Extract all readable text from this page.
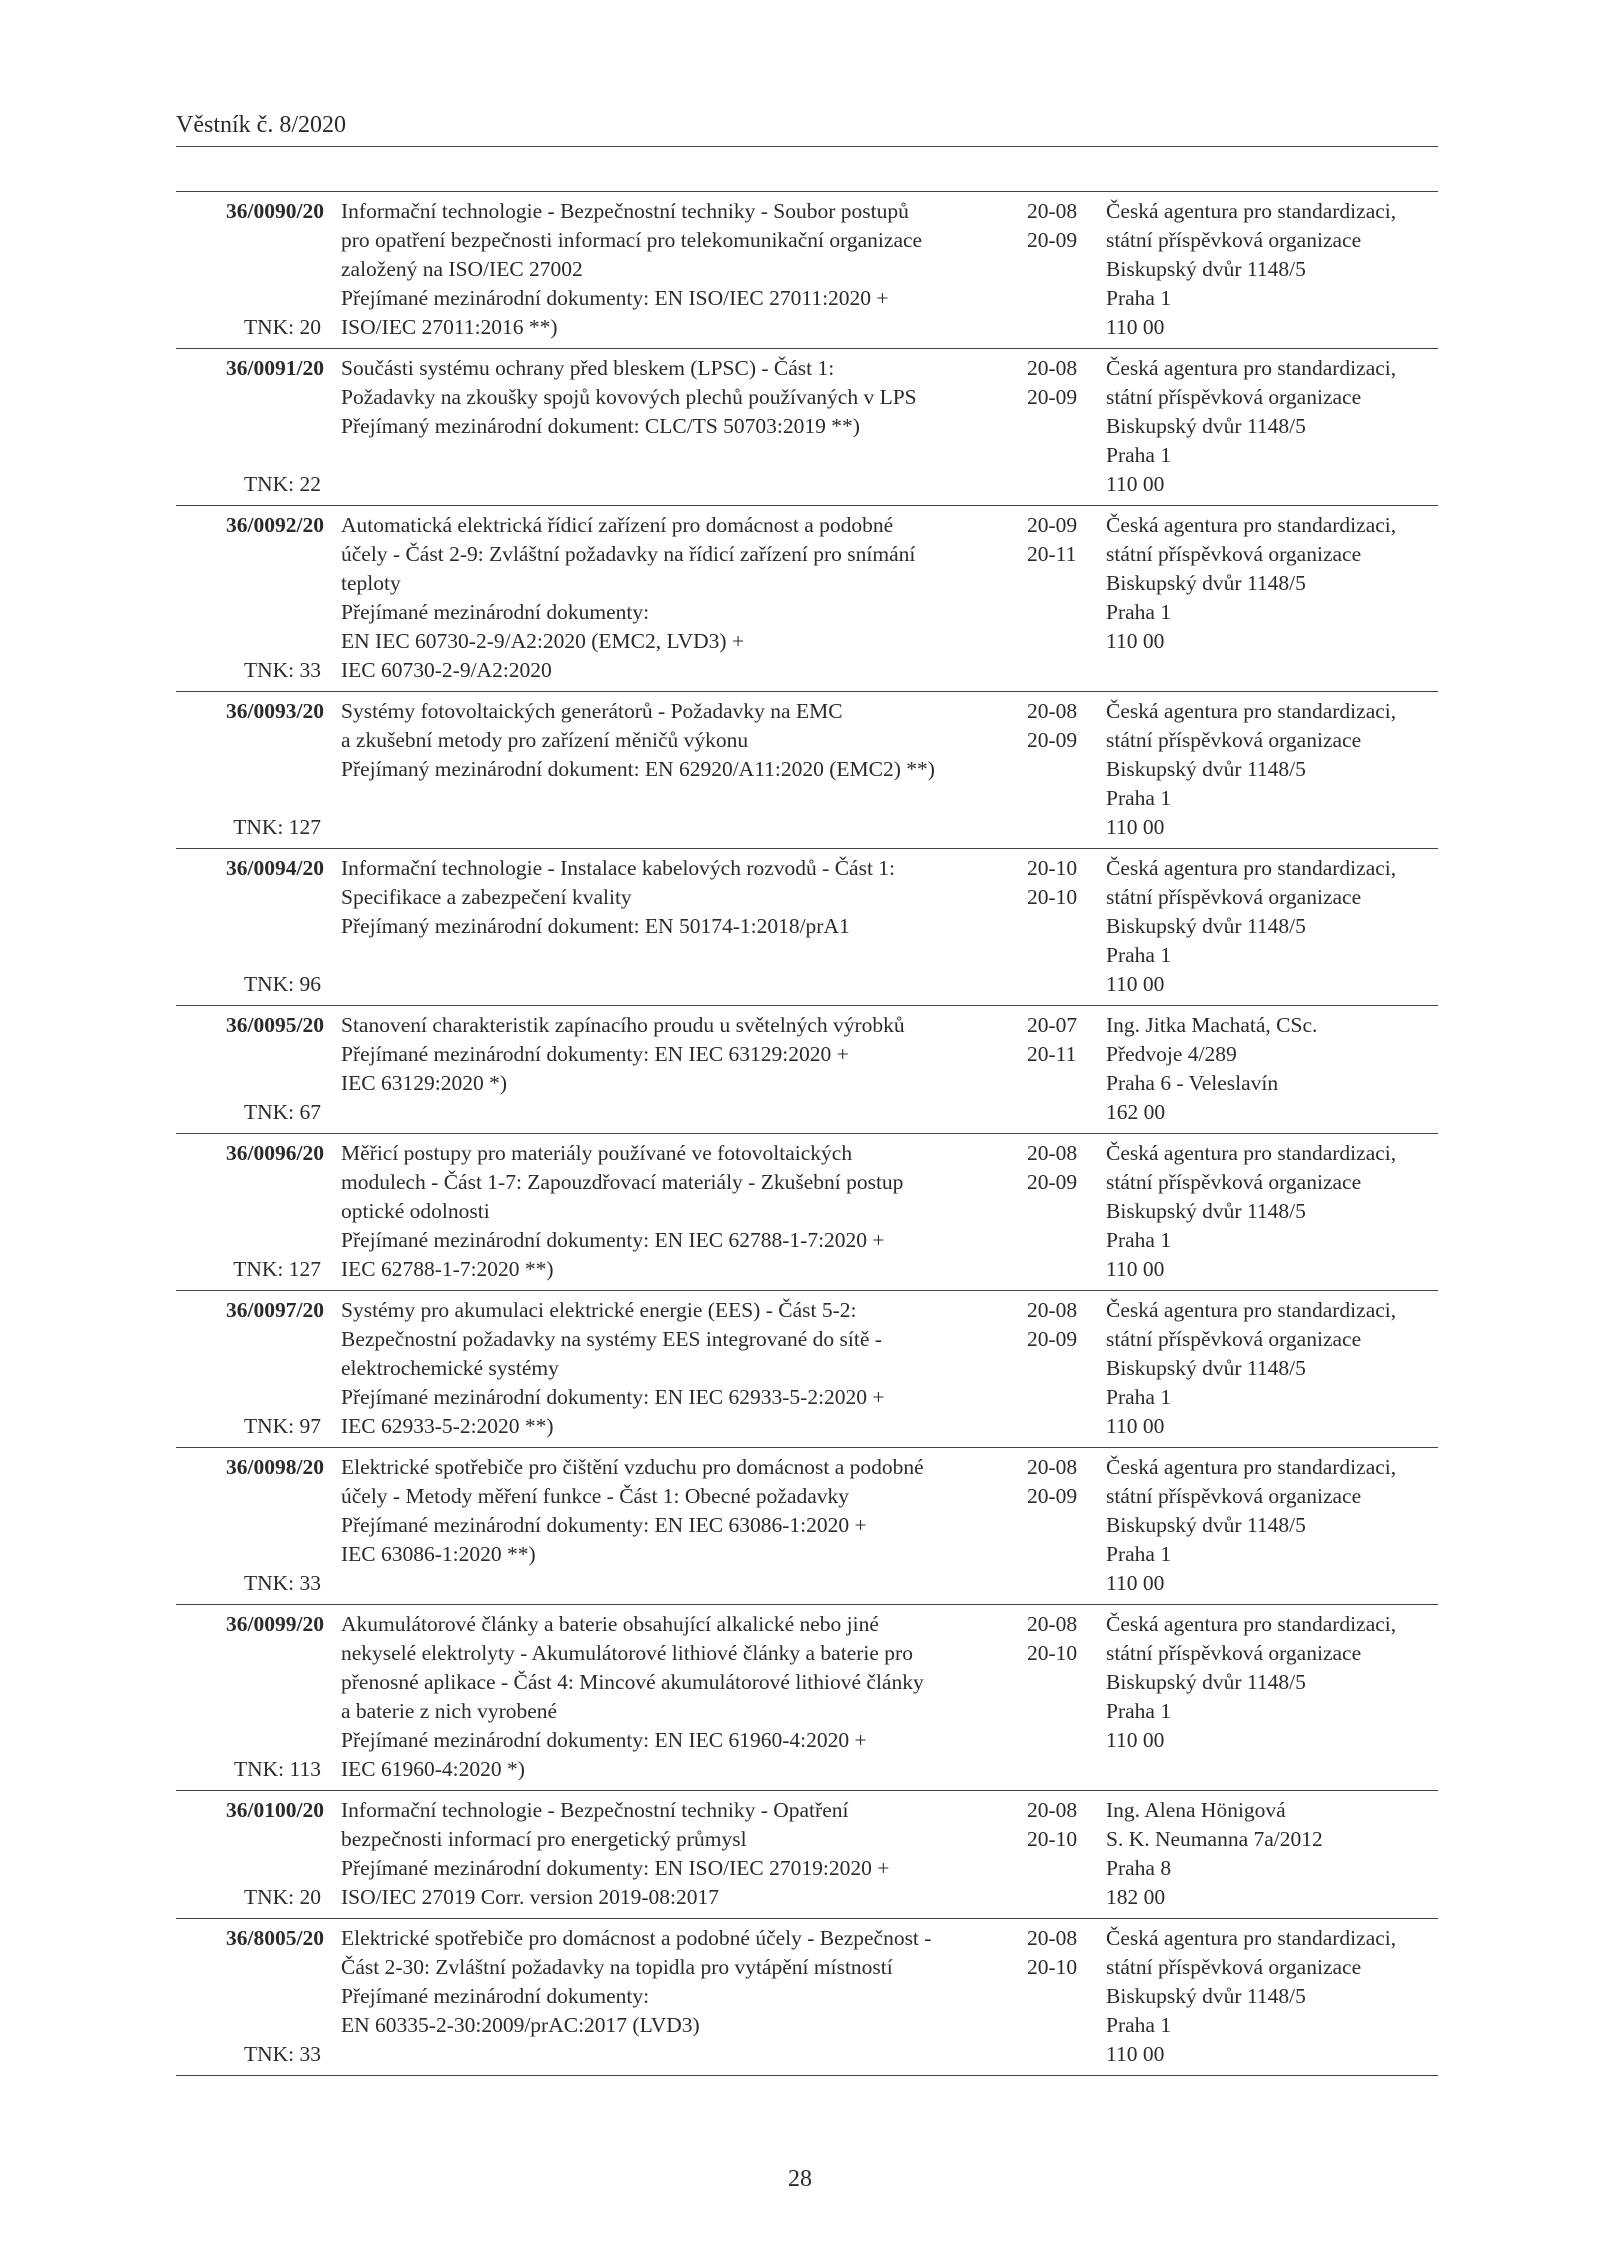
Věstník č. 8/2020
36/0090/20
TNK: 20
Informační technologie - Bezpečnostní techniky - Soubor postupů
pro opatření bezpečnosti informací pro telekomunikační organizace
založený na ISO/IEC 27002
Přejímané mezinárodní dokumenty: EN ISO/IEC 27011:2020 +
ISO/IEC 27011:2016 **)
20-08
20-09
Česká agentura pro standardizaci,
státní příspěvková organizace
Biskupský dvůr 1148/5
Praha 1
110 00
36/0091/20
TNK: 22
Součásti systému ochrany před bleskem (LPSC) - Část 1:
Požadavky na zkoušky spojů kovových plechů používaných v LPS
Přejímaný mezinárodní dokument: CLC/TS 50703:2019 **)
20-08
20-09
Česká agentura pro standardizaci,
státní příspěvková organizace
Biskupský dvůr 1148/5
Praha 1
110 00
36/0092/20
TNK: 33
Automatická elektrická řídicí zařízení pro domácnost a podobné
účely - Část 2-9: Zvláštní požadavky na řídicí zařízení pro snímání
teploty
Přejímané mezinárodní dokumenty:
EN IEC 60730-2-9/A2:2020 (EMC2, LVD3) +
IEC 60730-2-9/A2:2020
20-09
20-11
Česká agentura pro standardizaci,
státní příspěvková organizace
Biskupský dvůr 1148/5
Praha 1
110 00
36/0093/20
TNK: 127
Systémy fotovoltaických generátorů - Požadavky na EMC
a zkušební metody pro zařízení měničů výkonu
Přejímaný mezinárodní dokument: EN 62920/A11:2020 (EMC2) **)
20-08
20-09
Česká agentura pro standardizaci,
státní příspěvková organizace
Biskupský dvůr 1148/5
Praha 1
110 00
36/0094/20
TNK: 96
Informační technologie - Instalace kabelových rozvodů - Část 1:
Specifikace a zabezpečení kvality
Přejímaný mezinárodní dokument: EN 50174-1:2018/prA1
20-10
20-10
Česká agentura pro standardizaci,
státní příspěvková organizace
Biskupský dvůr 1148/5
Praha 1
110 00
36/0095/20
TNK: 67
Stanovení charakteristik zapínacího proudu u světelných výrobků
Přejímané mezinárodní dokumenty: EN IEC 63129:2020 +
IEC 63129:2020 *)
20-07
20-11
Ing. Jitka Machatá, CSc.
Předvoje 4/289
Praha 6 - Veleslavín
162 00
36/0096/20
TNK: 127
Měřicí postupy pro materiály používané ve fotovoltaických
modulech - Část 1-7: Zapouzdřovací materiály - Zkušební postup
optické odolnosti
Přejímané mezinárodní dokumenty: EN IEC 62788-1-7:2020 +
IEC 62788-1-7:2020 **)
20-08
20-09
Česká agentura pro standardizaci,
státní příspěvková organizace
Biskupský dvůr 1148/5
Praha 1
110 00
36/0097/20
TNK: 97
Systémy pro akumulaci elektrické energie (EES) - Část 5-2:
Bezpečnostní požadavky na systémy EES integrované do sítě -
elektrochemické systémy
Přejímané mezinárodní dokumenty: EN IEC 62933-5-2:2020 +
IEC 62933-5-2:2020 **)
20-08
20-09
Česká agentura pro standardizaci,
státní příspěvková organizace
Biskupský dvůr 1148/5
Praha 1
110 00
36/0098/20
TNK: 33
Elektrické spotřebiče pro čištění vzduchu pro domácnost a podobné
účely - Metody měření funkce - Část 1: Obecné požadavky
Přejímané mezinárodní dokumenty: EN IEC 63086-1:2020 +
IEC 63086-1:2020 **)
20-08
20-09
Česká agentura pro standardizaci,
státní příspěvková organizace
Biskupský dvůr 1148/5
Praha 1
110 00
36/0099/20
TNK: 113
Akumulátorové články a baterie obsahující alkalické nebo jiné
nekyselé elektrolyty - Akumulátorové lithiové články a baterie pro
přenosné aplikace - Část 4: Mincové akumulátorové lithiové články
a baterie z nich vyrobené
Přejímané mezinárodní dokumenty: EN IEC 61960-4:2020 +
IEC 61960-4:2020 *)
20-08
20-10
Česká agentura pro standardizaci,
státní příspěvková organizace
Biskupský dvůr 1148/5
Praha 1
110 00
36/0100/20
TNK: 20
Informační technologie - Bezpečnostní techniky - Opatření
bezpečnosti informací pro energetický průmysl
Přejímané mezinárodní dokumenty: EN ISO/IEC 27019:2020 +
ISO/IEC 27019 Corr. version 2019-08:2017
20-08
20-10
Ing. Alena Hönigová
S. K. Neumanna 7a/2012
Praha 8
182 00
36/8005/20
TNK: 33
Elektrické spotřebiče pro domácnost a podobné účely - Bezpečnost -
Část 2-30: Zvláštní požadavky na topidla pro vytápění místností
Přejímané mezinárodní dokumenty:
EN 60335-2-30:2009/prAC:2017 (LVD3)
20-08
20-10
Česká agentura pro standardizaci,
státní příspěvková organizace
Biskupský dvůr 1148/5
Praha 1
110 00
28
